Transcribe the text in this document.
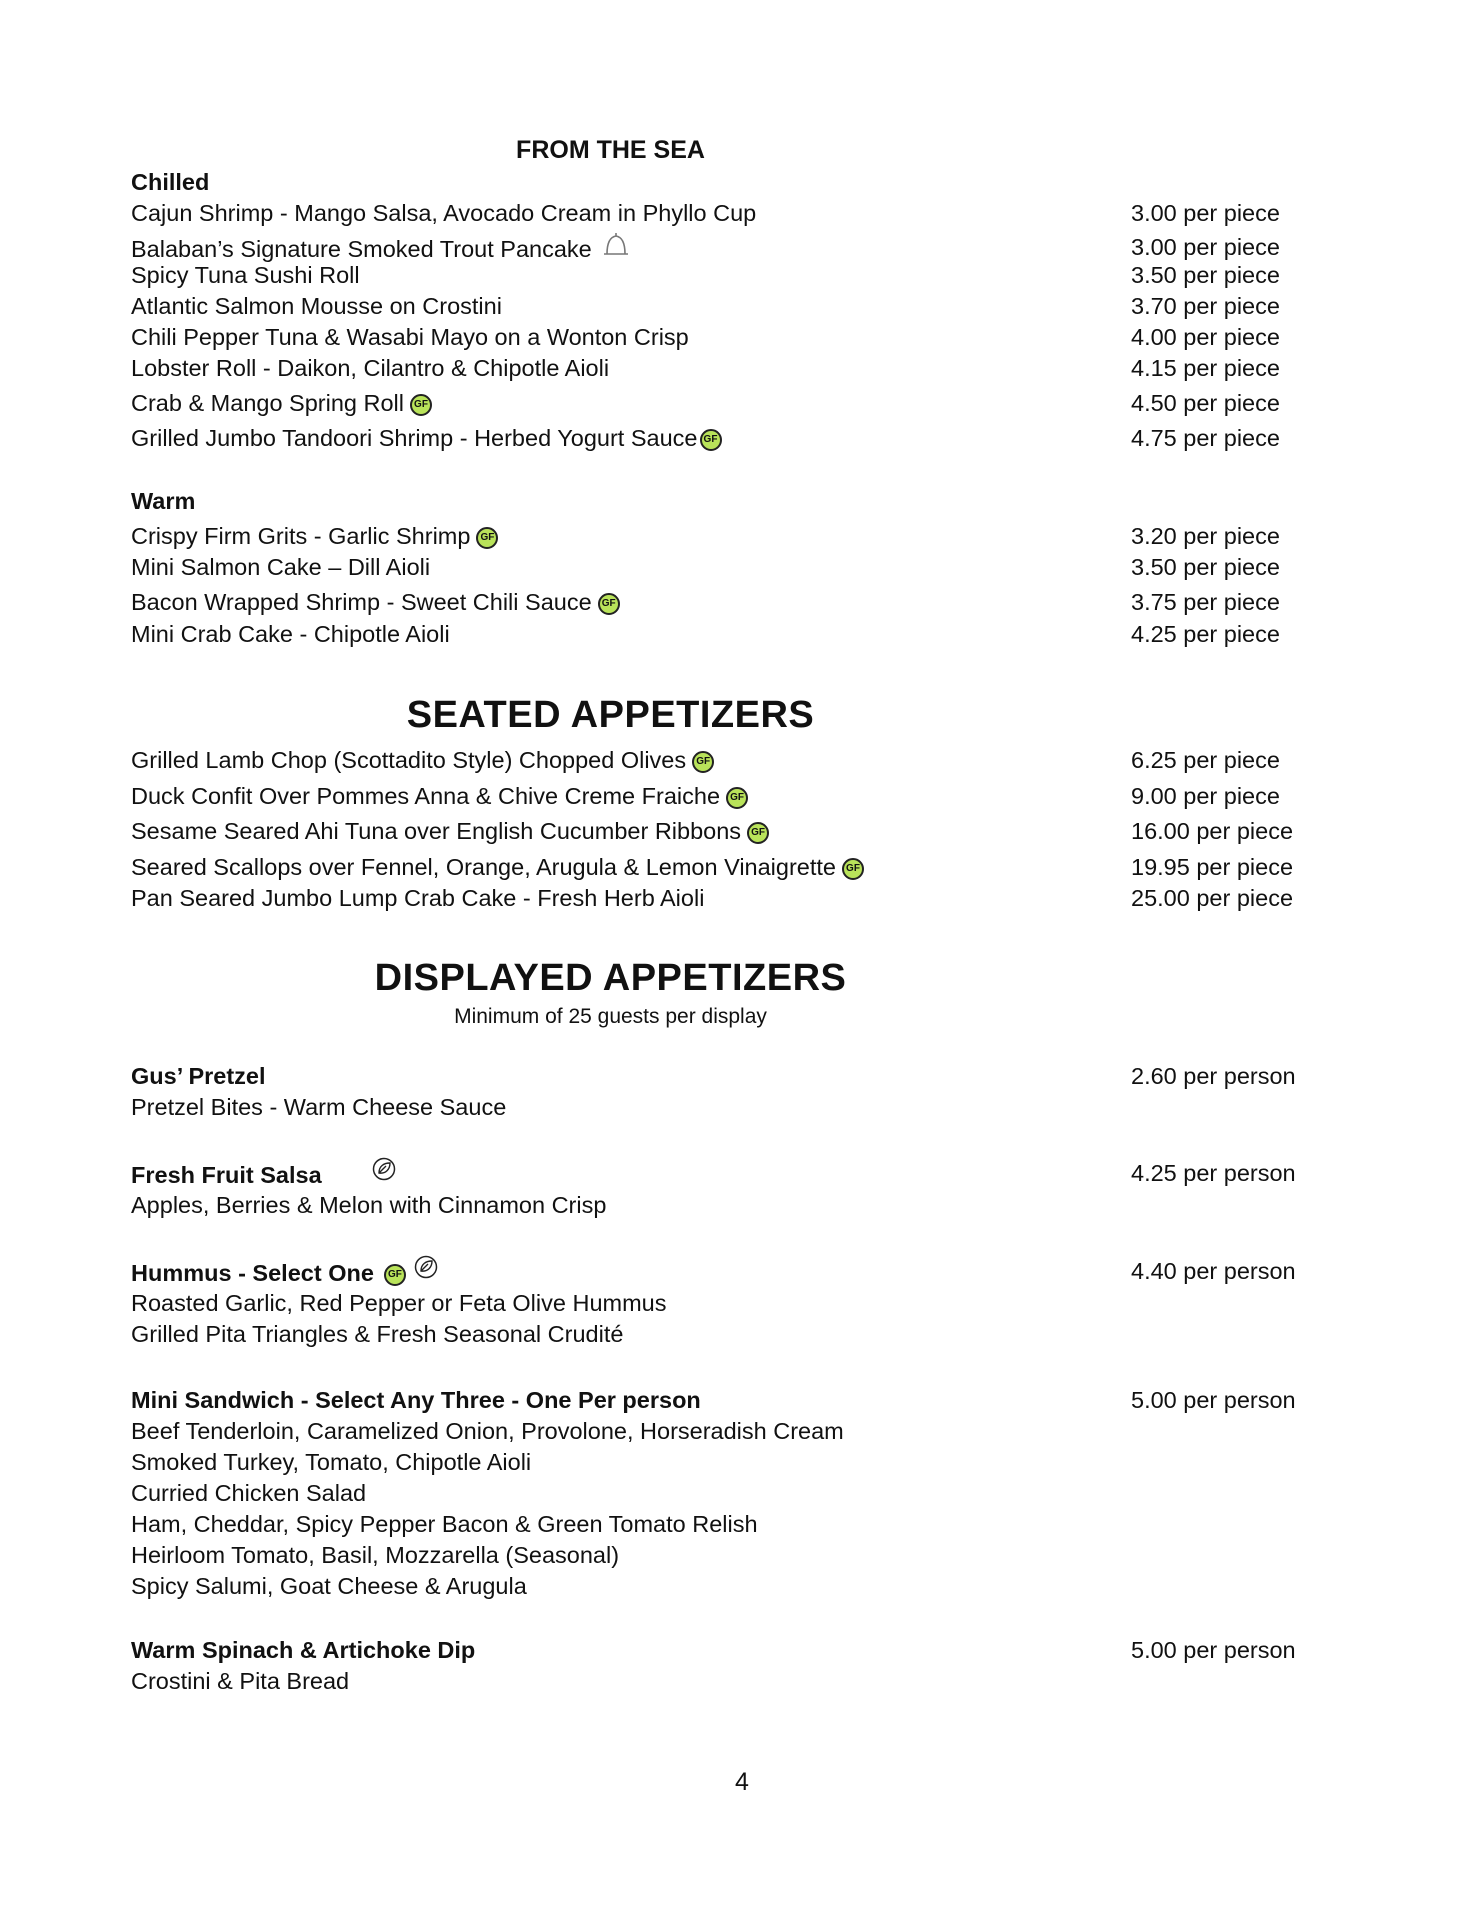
FROM THE SEA
Chilled
Cajun Shrimp - Mango Salsa, Avocado Cream in Phyllo Cup	3.00 per piece
Balaban’s Signature Smoked Trout Pancake	3.00 per piece
Spicy Tuna Sushi Roll	3.50 per piece
Atlantic Salmon Mousse on Crostini	3.70 per piece
Chili Pepper Tuna & Wasabi Mayo on a Wonton Crisp	4.00 per piece
Lobster Roll - Daikon, Cilantro & Chipotle Aioli	4.15 per piece
Crab & Mango Spring Roll GF	4.50 per piece
Grilled Jumbo Tandoori Shrimp - Herbed Yogurt Sauce GF	4.75 per piece
Warm
Crispy Firm Grits - Garlic Shrimp GF	3.20 per piece
Mini Salmon Cake – Dill Aioli	3.50 per piece
Bacon Wrapped Shrimp - Sweet Chili Sauce GF	3.75 per piece
Mini Crab Cake - Chipotle Aioli	4.25 per piece
SEATED APPETIZERS
Grilled Lamb Chop (Scottadito Style) Chopped Olives GF	6.25 per piece
Duck Confit Over Pommes Anna & Chive Creme Fraiche GF	9.00 per piece
Sesame Seared Ahi Tuna over English Cucumber Ribbons GF	16.00 per piece
Seared Scallops over Fennel, Orange, Arugula & Lemon Vinaigrette GF	19.95 per piece
Pan Seared Jumbo Lump Crab Cake - Fresh Herb Aioli	25.00 per piece
DISPLAYED APPETIZERS
Minimum of 25 guests per display
Gus’ Pretzel	2.60 per person
Pretzel Bites - Warm Cheese Sauce
Fresh Fruit Salsa	4.25 per person
Apples, Berries & Melon with Cinnamon Crisp
Hummus - Select One GF	4.40 per person
Roasted Garlic, Red Pepper or Feta Olive Hummus
Grilled Pita Triangles & Fresh Seasonal Crudité
Mini Sandwich - Select Any Three - One Per person	5.00 per person
Beef Tenderloin, Caramelized Onion, Provolone, Horseradish Cream
Smoked Turkey, Tomato, Chipotle Aioli
Curried Chicken Salad
Ham, Cheddar, Spicy Pepper Bacon & Green Tomato Relish
Heirloom Tomato, Basil, Mozzarella (Seasonal)
Spicy Salumi, Goat Cheese & Arugula
Warm Spinach & Artichoke Dip	5.00 per person
Crostini & Pita Bread
4
